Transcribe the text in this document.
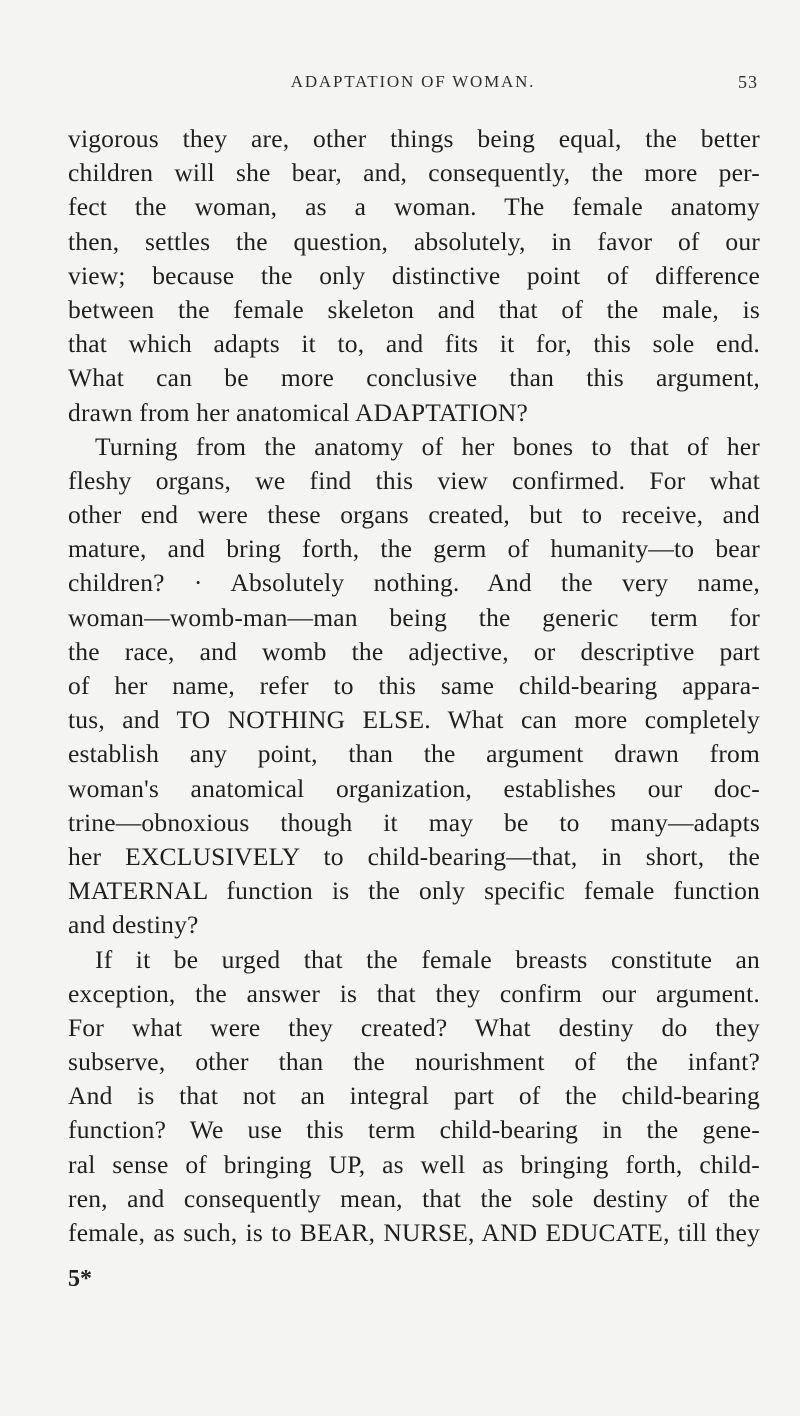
ADAPTATION OF WOMAN.	53
vigorous they are, other things being equal, the better
children will she bear, and, consequently, the more per-
fect the woman, as a woman. The female anatomy
then, settles the question, absolutely, in favor of our
view; because the only distinctive point of difference
between the female skeleton and that of the male, is
that which adapts it to, and fits it for, this sole end.
What can be more conclusive than this argument,
drawn from her anatomical ADAPTATION?
Turning from the anatomy of her bones to that of her
fleshy organs, we find this view confirmed. For what
other end were these organs created, but to receive, and
mature, and bring forth, the germ of humanity—to bear
children? · Absolutely nothing. And the very name,
woman—womb-man—man being the generic term for
the race, and womb the adjective, or descriptive part
of her name, refer to this same child-bearing appara-
tus, and TO NOTHING ELSE. What can more completely
establish any point, than the argument drawn from
woman's anatomical organization, establishes our doc-
trine—obnoxious though it may be to many—adapts
her EXCLUSIVELY to child-bearing—that, in short, the
MATERNAL function is the only specific female function
and destiny?
If it be urged that the female breasts constitute an
exception, the answer is that they confirm our argument.
For what were they created? What destiny do they
subserve, other than the nourishment of the infant?
And is that not an integral part of the child-bearing
function? We use this term child-bearing in the gene-
ral sense of bringing UP, as well as bringing forth, child-
ren, and consequently mean, that the sole destiny of the
female, as such, is to BEAR, NURSE, AND EDUCATE, till they
5*
